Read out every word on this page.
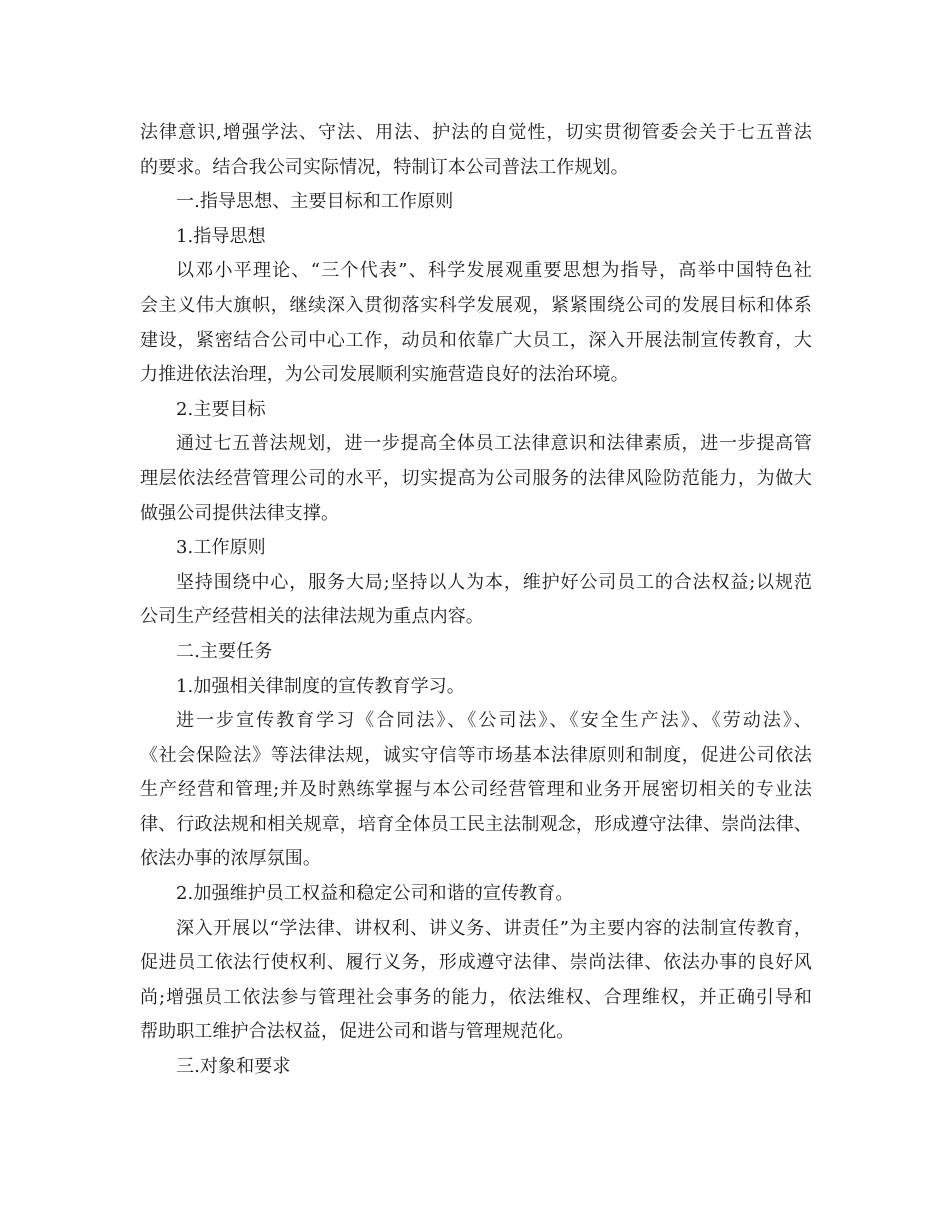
法律意识,增强学法、守法、用法、护法的自觉性，切实贯彻管委会关于七五普法
的要求。结合我公司实际情况，特制订本公司普法工作规划。
一.指导思想、主要目标和工作原则
1.指导思想
以邓小平理论、“三个代表”、科学发展观重要思想为指导，高举中国特色社
会主义伟大旗帜，继续深入贯彻落实科学发展观，紧紧围绕公司的发展目标和体系
建设，紧密结合公司中心工作，动员和依靠广大员工，深入开展法制宣传教育，大
力推进依法治理，为公司发展顺利实施营造良好的法治环境。
2.主要目标
通过七五普法规划，进一步提高全体员工法律意识和法律素质，进一步提高管
理层依法经营管理公司的水平，切实提高为公司服务的法律风险防范能力，为做大
做强公司提供法律支撑。
3.工作原则
坚持围绕中心，服务大局;坚持以人为本，维护好公司员工的合法权益;以规范
公司生产经营相关的法律法规为重点内容。
二.主要任务
1.加强相关律制度的宣传教育学习。
进一步宣传教育学习《合同法》、《公司法》、《安全生产法》、《劳动法》、
《社会保险法》等法律法规，诚实守信等市场基本法律原则和制度，促进公司依法
生产经营和管理;并及时熟练掌握与本公司经营管理和业务开展密切相关的专业法
律、行政法规和相关规章，培育全体员工民主法制观念，形成遵守法律、崇尚法律、
依法办事的浓厚氛围。
2.加强维护员工权益和稳定公司和谐的宣传教育。
深入开展以“学法律、讲权利、讲义务、讲责任”为主要内容的法制宣传教育，
促进员工依法行使权利、履行义务，形成遵守法律、崇尚法律、依法办事的良好风
尚;增强员工依法参与管理社会事务的能力，依法维权、合理维权，并正确引导和
帮助职工维护合法权益，促进公司和谐与管理规范化。
三.对象和要求
